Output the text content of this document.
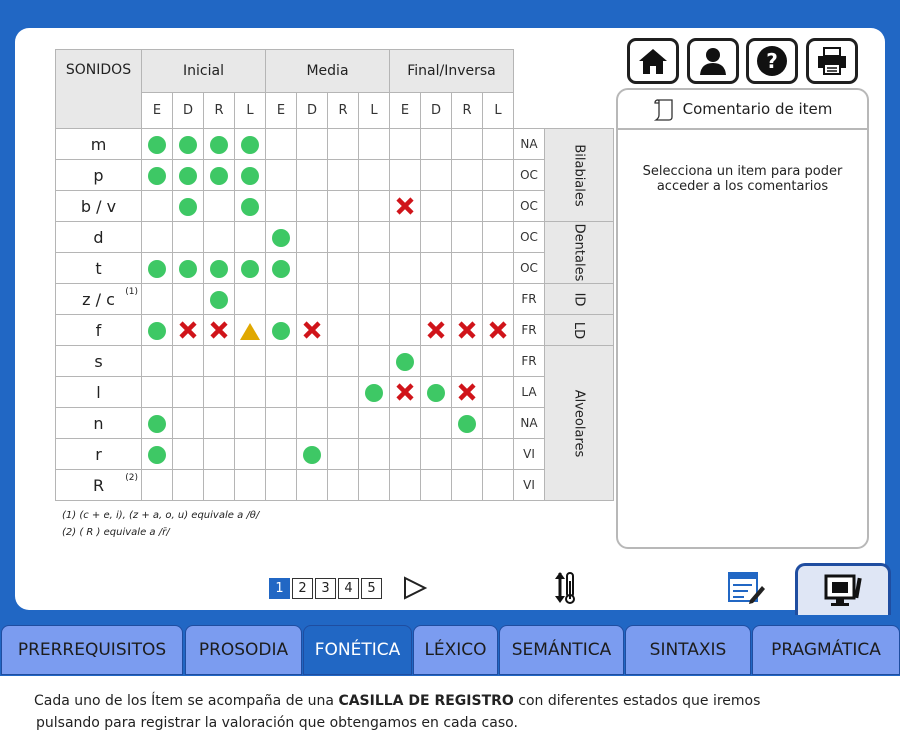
SONIDOS	Inicial				Media				Final/Inversa					
	E	D	R	L	E	D	R	L	E	D	R	L		
m													NA	Bilabiales
p													OC	
b / v													OC	
d													OC	Dentales
t													OC	
z / c (1)													FR	ID
f													FR	LD
s													FR	Alveolares
l													LA	
n													NA	
r													VI	
R (2)													VI	
(1) (c + e, i), (z + a, o, u) equivale a /θ/
(2) ( R ) equivale a /r̄/
1	2	3	4	5
?
Comentario de item
Selecciona un item para poder acceder a los comentarios
PRERREQUISITOS	PROSODIA	FONÉTICA	LÉXICO	SEMÁNTICA	SINTAXIS	PRAGMÁTICA
Cada uno de los Ítem se acompaña de una CASILLA DE REGISTRO con diferentes estados que iremos
pulsando para registrar la valoración que obtengamos en cada caso.
